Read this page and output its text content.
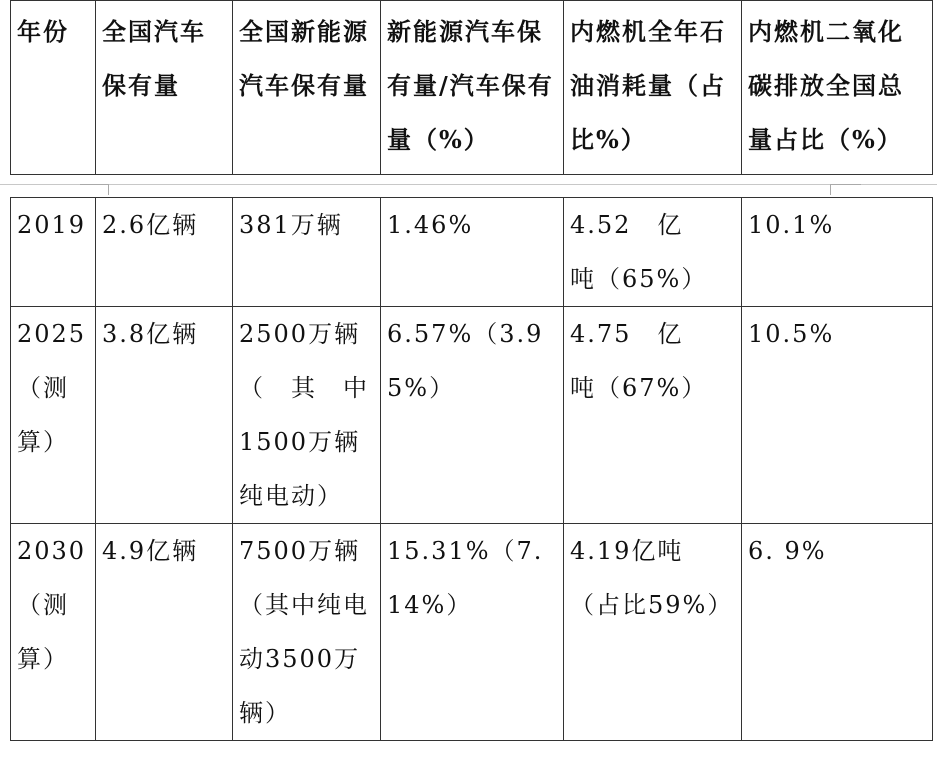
年份	全国汽车保有量	全国新能源汽车保有量	新能源汽车保有量/汽车保有量（%）	内燃机全年石油消耗量（占比%）	内燃机二氧化碳排放全国总量占比（%）
2019	2.6亿辆	381万辆	1.46%	4.52　亿　吨（65%）	10.1%
2025（测算）	3.8亿辆	2500万辆（　其　中 1500万辆纯电动）	6.57%（3.95%）	4.75　亿　吨（67%）	10.5%
2030（测算）	4.9亿辆	7500万辆（其中纯电动3500万辆）	15.31%（7.14%）	4.19亿吨（占比59%）	6. 9%
